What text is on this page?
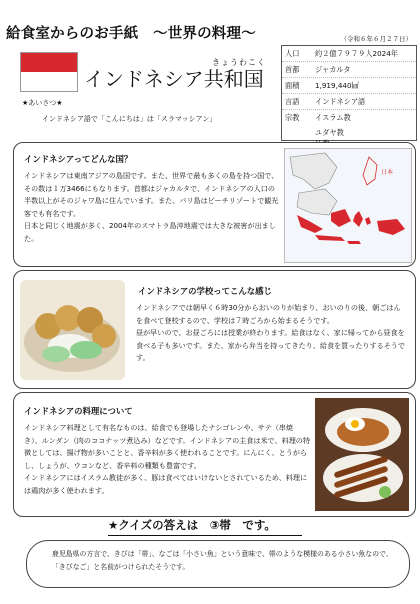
給食室からのお手紙　～世界の料理～	（令和６年６月２７日）
きょうわこく
インドネシア共和国
★あいさつ★
インドネシア語で「こんにちは」は「スラマッシアン」
人口	約２億７９７９人2024年
首都	ジャカルタ
面積	1,919,440㎢
言語	インドネシア語
宗教	イスラム教
ユダヤ教
インドネシアってどんな国？
インドネシアは東南アジアの島国です。また、世界で最も多くの島を持つ国で、その数は１万3466にもなります。首都はジャカルタで、インドネシアの人口の半数以上がそのジャワ島に住んでいます。また、バリ島はビーチリゾートで観光客でも有名です。
日本と同じく地震が多く、2004年のスマトラ島沖地震では大きな被害が出ました。
日本
インドネシアの学校ってこんな感じ
インドネシアでは朝早く６時30分からおいのりが始まり、おいのりの後、朝ごはんを食べて登校するので、学校は７時ごろから始まるそうです。
昼が早いので、お昼ごろには授業が終わります。給食はなく、家に帰ってから昼食を食べる子も多いです。また、家から弁当を持ってきたり、給食を買ったりするそうです。
インドネシアの料理について
インドネシア料理として有名なものは、給食でも登場したナシゴレンや、サテ（串焼き）、ルンダン（肉のココナッツ煮込み）などです。インドネシアの主食は米で、料理の特徴としては、揚げ物が多いことと、香辛料が多く使われることです。にんにく、とうがらし、しょうが、ウコンなど、香辛料の種類も豊富です。
インドネシアにはイスラム教徒が多く、豚は食べてはいけないとされているため、料理には鶏肉が多く使われます。
★クイズの答えは　③帯　です。
鹿児島県の方言で、きびは「帯」、なごは「小さい魚」という意味で、帯のような模様のある小さい魚なので、「きびなご」と名前がつけられたそうです。
